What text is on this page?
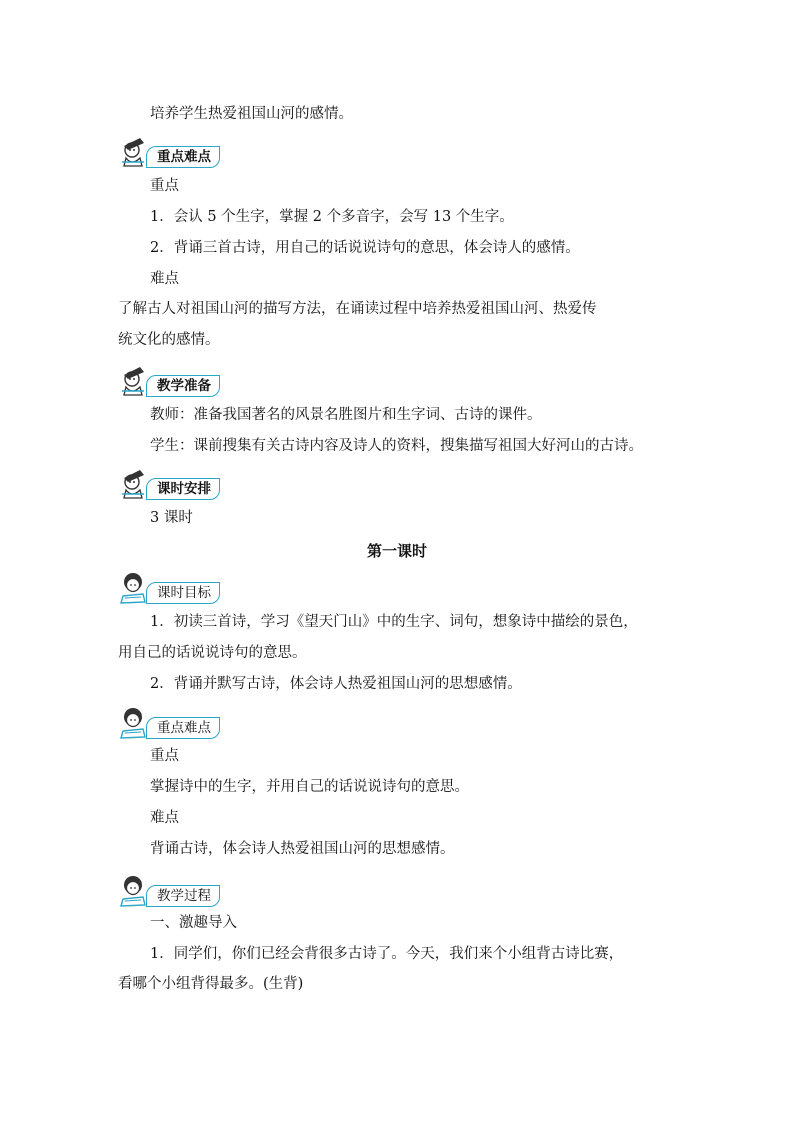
培养学生热爱祖国山河的感情。
重点难点
重点
1．会认 5 个生字，掌握 2 个多音字，会写 13 个生字。
2．背诵三首古诗，用自己的话说说诗句的意思，体会诗人的感情。
难点
了解古人对祖国山河的描写方法，在诵读过程中培养热爱祖国山河、热爱传
统文化的感情。
教学准备
教师：准备我国著名的风景名胜图片和生字词、古诗的课件。
学生：课前搜集有关古诗内容及诗人的资料，搜集描写祖国大好河山的古诗。
课时安排
3 课时
第一课时
课时目标
1．初读三首诗，学习《望天门山》中的生字、词句，想象诗中描绘的景色，
用自己的话说说诗句的意思。
2．背诵并默写古诗，体会诗人热爱祖国山河的思想感情。
重点难点
重点
掌握诗中的生字，并用自己的话说说诗句的意思。
难点
背诵古诗，体会诗人热爱祖国山河的思想感情。
教学过程
一、激趣导入
1．同学们，你们已经会背很多古诗了。今天，我们来个小组背古诗比赛，
看哪个小组背得最多。(生背)
